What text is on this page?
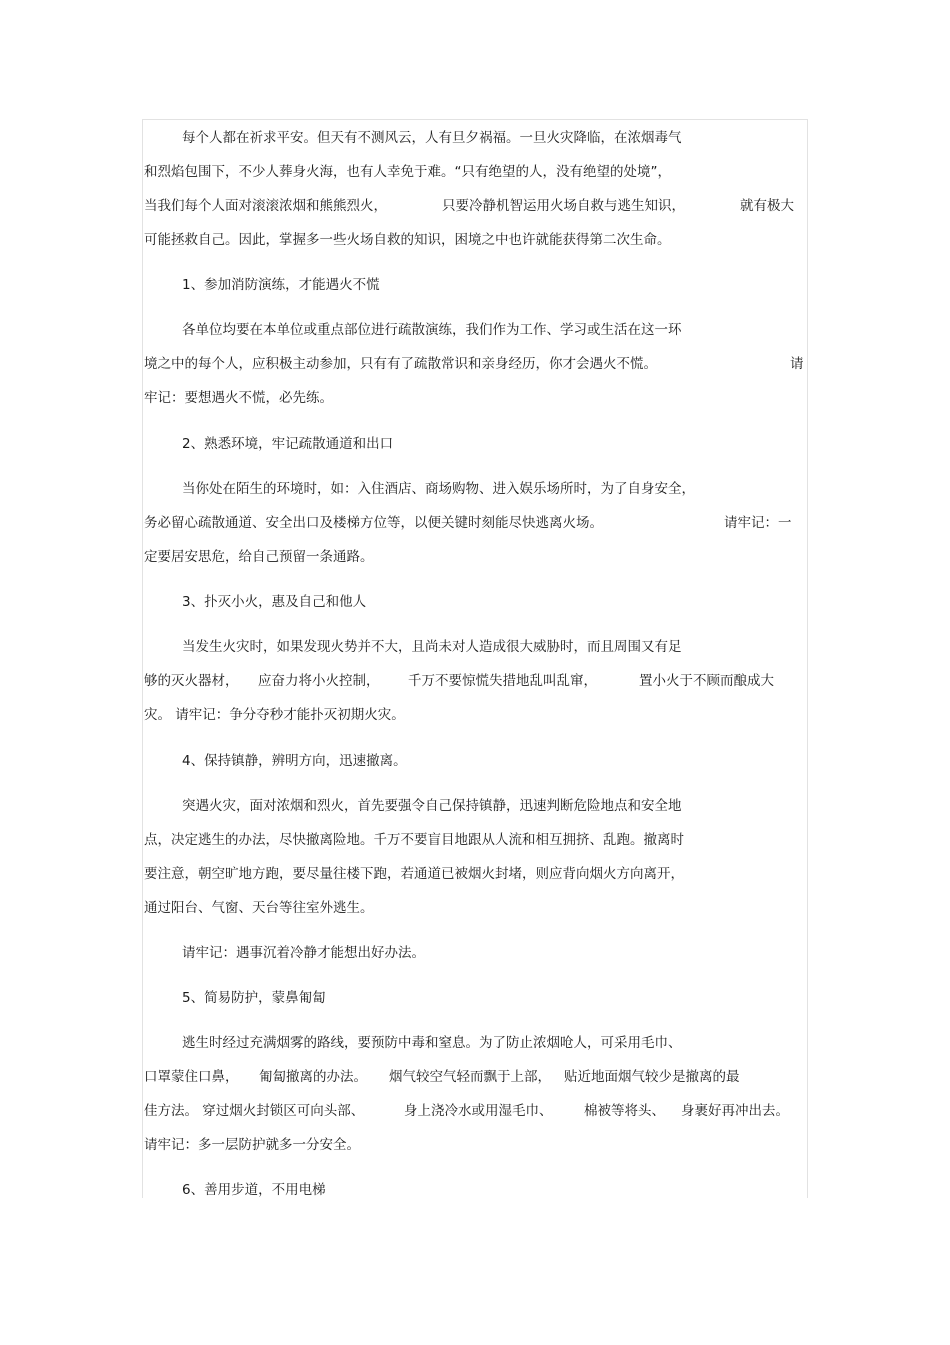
每个人都在祈求平安。但天有不测风云，人有旦夕祸福。一旦火灾降临，在浓烟毒气
和烈焰包围下，不少人葬身火海，也有人幸免于难。“只有绝望的人，没有绝望的处境”，
当我们每个人面对滚滚浓烟和熊熊烈火，	只要冷静机智运用火场自救与逃生知识，	就有极大
可能拯救自己。因此，掌握多一些火场自救的知识，困境之中也许就能获得第二次生命。
1、参加消防演练，才能遇火不慌
各单位均要在本单位或重点部位进行疏散演练，我们作为工作、学习或生活在这一环
境之中的每个人，应积极主动参加，只有有了疏散常识和亲身经历，你才会遇火不慌。	请
牢记：要想遇火不慌，必先练。
2、熟悉环境，牢记疏散通道和出口
当你处在陌生的环境时，如：入住酒店、商场购物、进入娱乐场所时，为了自身安全，
务必留心疏散通道、安全出口及楼梯方位等，以便关键时刻能尽快逃离火场。	请牢记：一
定要居安思危，给自己预留一条通路。
3、扑灭小火，惠及自己和他人
当发生火灾时，如果发现火势并不大，且尚未对人造成很大威胁时，而且周围又有足
够的灭火器材， 应奋力将小火控制， 千万不要惊慌失措地乱叫乱窜，	置小火于不顾而酿成大
灾。 请牢记：争分夺秒才能扑灭初期火灾。
4、保持镇静，辨明方向，迅速撤离。
突遇火灾，面对浓烟和烈火，首先要强令自己保持镇静，迅速判断危险地点和安全地
点，决定逃生的办法，尽快撤离险地。千万不要盲目地跟从人流和相互拥挤、乱跑。撤离时
要注意，朝空旷地方跑，要尽量往楼下跑，若通道已被烟火封堵，则应背向烟火方向离开，
通过阳台、气窗、天台等往室外逃生。
请牢记：遇事沉着冷静才能想出好办法。
5、简易防护，蒙鼻匍匐
逃生时经过充满烟雾的路线，要预防中毒和窒息。为了防止浓烟呛人，可采用毛巾、
口罩蒙住口鼻， 匍匐撤离的办法。 烟气较空气轻而飘于上部， 贴近地面烟气较少是撤离的最
佳方法。 穿过烟火封锁区可向头部、	身上浇冷水或用湿毛巾、 棉被等将头、 身裹好再冲出去。
请牢记：多一层防护就多一分安全。
6、善用步道，不用电梯
